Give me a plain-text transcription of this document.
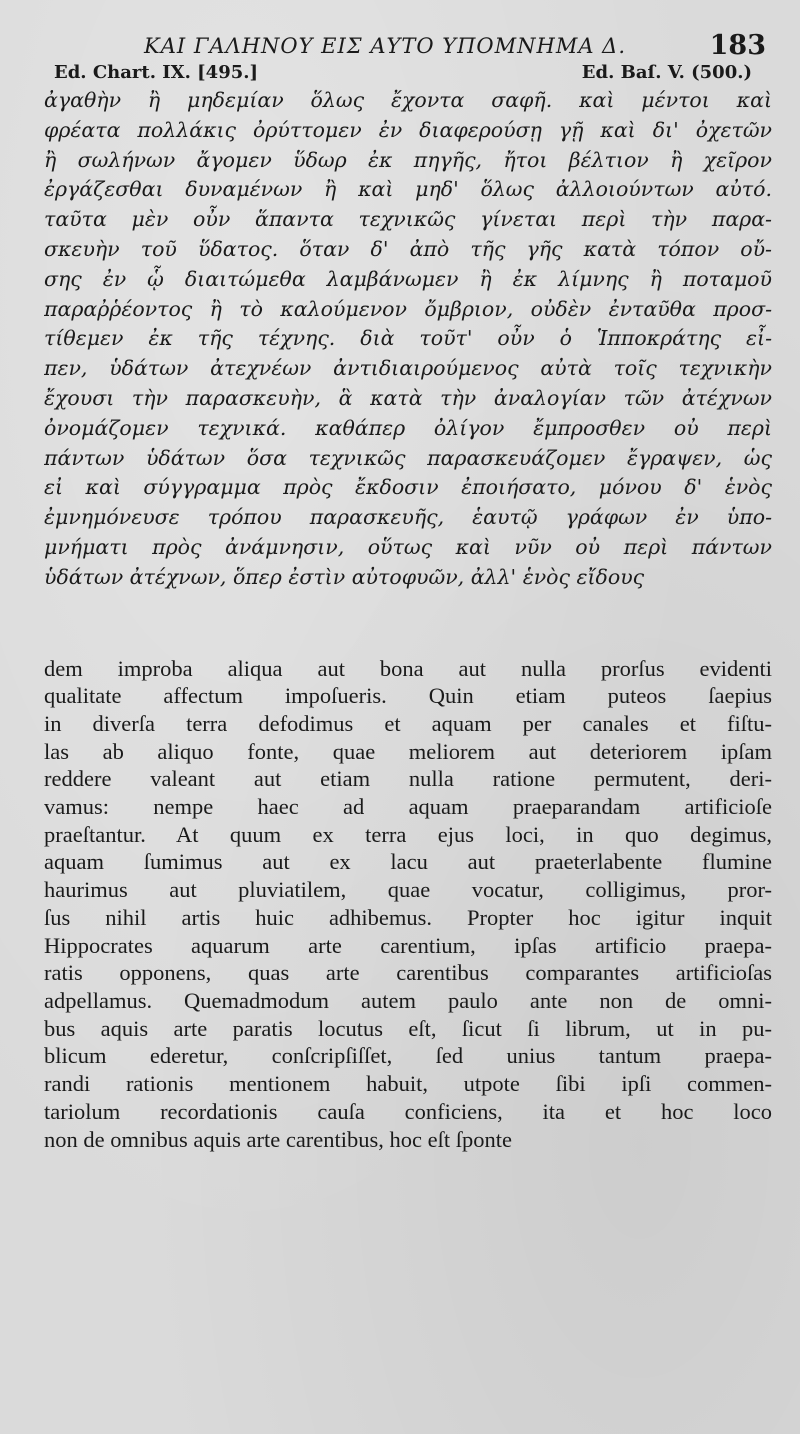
ΚΑΙ ΓΑΛΗΝΟΥ ΕΙΣ ΑΥΤΟ ΥΠΟΜΝΗΜΑ Δ.	183
Ed. Chart. IX. [495.]	Ed. Baſ. V. (500.)
ἀγαθὴν ἢ μηδεμίαν ὅλως ἔχοντα σαφῆ. καὶ μέντοι καὶ
φρέατα πολλάκις ὀρύττομεν ἐν διαφερούσῃ γῇ καὶ δι' ὀχετῶν
ἢ σωλήνων ἄγομεν ὕδωρ ἐκ πηγῆς, ἤτοι βέλτιον ἢ χεῖρον
ἐργάζεσθαι δυναμένων ἢ καὶ μηδ' ὅλως ἀλλοιούντων αὐτό.
ταῦτα μὲν οὖν ἅπαντα τεχνικῶς γίνεται περὶ τὴν παρα-
σκευὴν τοῦ ὕδατος. ὅταν δ' ἀπὸ τῆς γῆς κατὰ τόπον οὔ-
σης ἐν ᾧ διαιτώμεθα λαμβάνωμεν ἢ ἐκ λίμνης ἢ ποταμοῦ
παραῤῥέοντος ἢ τὸ καλούμενον ὄμβριον, οὐδὲν ἐνταῦθα προσ-
τίθεμεν ἐκ τῆς τέχνης. διὰ τοῦτ' οὖν ὁ Ἱπποκράτης εἶ-
πεν, ὑδάτων ἀτεχνέων ἀντιδιαιρούμενος αὐτὰ τοῖς τεχνικὴν
ἔχουσι τὴν παρασκευὴν, ἃ κατὰ τὴν ἀναλογίαν τῶν ἀτέχνων
ὀνομάζομεν τεχνικά. καθάπερ ὀλίγον ἔμπροσθεν οὐ περὶ
πάντων ὑδάτων ὅσα τεχνικῶς παρασκευάζομεν ἔγραψεν, ὡς
εἰ καὶ σύγγραμμα πρὸς ἔκδοσιν ἐποιήσατο, μόνου δ' ἑνὸς
ἐμνημόνευσε τρόπου παρασκευῆς, ἑαυτῷ γράφων ἐν ὑπο-
μνήματι πρὸς ἀνάμνησιν, οὕτως καὶ νῦν οὐ περὶ πάντων
ὑδάτων ἀτέχνων, ὅπερ ἐστὶν αὐτοφυῶν, ἀλλ' ἑνὸς εἴδους
dem improba aliqua aut bona aut nulla prorſus evidenti
qualitate affectum impoſueris. Quin etiam puteos ſaepius
in diverſa terra defodimus et aquam per canales et fiſtu-
las ab aliquo fonte, quae meliorem aut deteriorem ipſam
reddere valeant aut etiam nulla ratione permutent, deri-
vamus: nempe haec ad aquam praeparandam artificioſe
praeſtantur. At quum ex terra ejus loci, in quo degimus,
aquam ſumimus aut ex lacu aut praeterlabente flumine
haurimus aut pluviatilem, quae vocatur, colligimus, pror-
ſus nihil artis huic adhibemus. Propter hoc igitur inquit
Hippocrates aquarum arte carentium, ipſas artificio praepa-
ratis opponens, quas arte carentibus comparantes artificioſas
adpellamus. Quemadmodum autem paulo ante non de omni-
bus aquis arte paratis locutus eſt, ſicut ſi librum, ut in pu-
blicum ederetur, conſcripſiſſet, ſed unius tantum praepa-
randi rationis mentionem habuit, utpote ſibi ipſi commen-
tariolum recordationis cauſa conficiens, ita et hoc loco
non de omnibus aquis arte carentibus, hoc eſt ſponte
